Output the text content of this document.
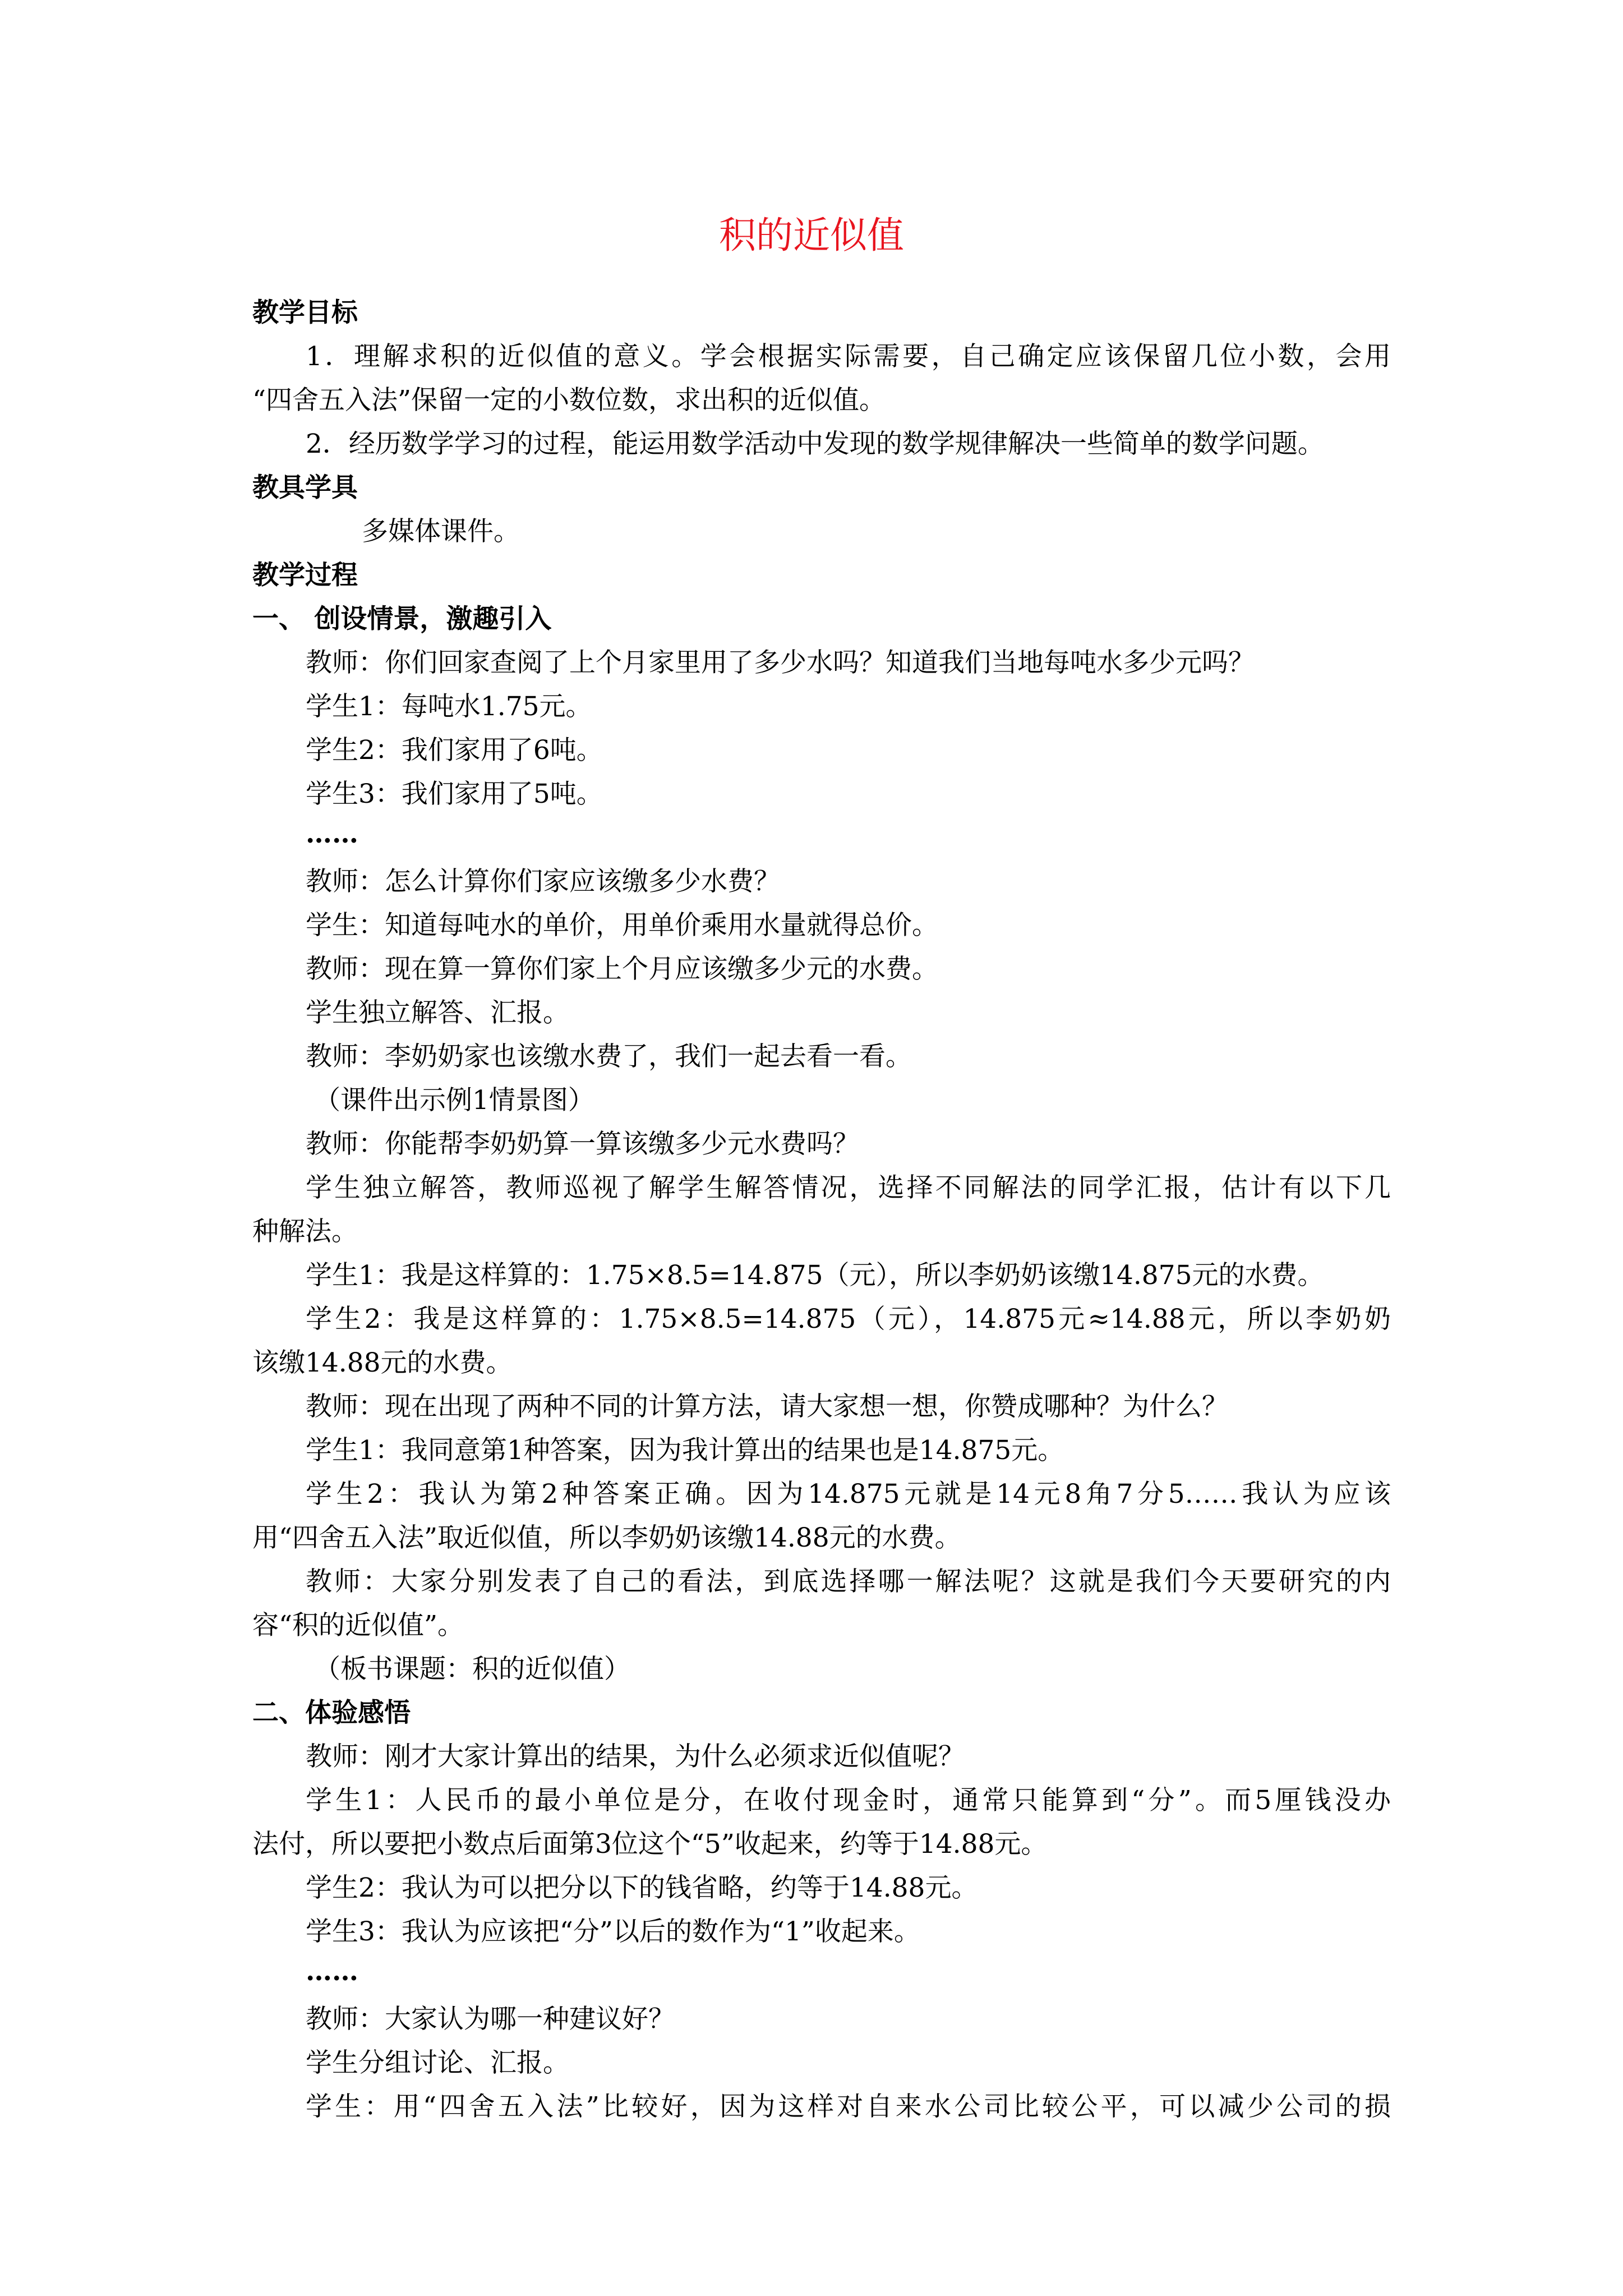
积的近似值
教学目标
1．理解求积的近似值的意义。学会根据实际需要，自己确定应该保留几位小数，会用
“四舍五入法”保留一定的小数位数，求出积的近似值。
2．经历数学学习的过程，能运用数学活动中发现的数学规律解决一些简单的数学问题。
教具学具
多媒体课件。
教学过程
一、 创设情景，激趣引入
教师：你们回家查阅了上个月家里用了多少水吗？知道我们当地每吨水多少元吗？
学生1：每吨水1.75元。
学生2：我们家用了6吨。
学生3：我们家用了5吨。
……
教师：怎么计算你们家应该缴多少水费？
学生：知道每吨水的单价，用单价乘用水量就得总价。
教师：现在算一算你们家上个月应该缴多少元的水费。
学生独立解答、汇报。
教师：李奶奶家也该缴水费了，我们一起去看一看。
（课件出示例1情景图）
教师：你能帮李奶奶算一算该缴多少元水费吗？
学生独立解答，教师巡视了解学生解答情况，选择不同解法的同学汇报，估计有以下几
种解法。
学生1：我是这样算的：1.75×8.5=14.875（元），所以李奶奶该缴14.875元的水费。
学生2：我是这样算的：1.75×8.5=14.875（元），14.875元≈14.88元，所以李奶奶
该缴14.88元的水费。
教师：现在出现了两种不同的计算方法，请大家想一想，你赞成哪种？为什么？
学生1：我同意第1种答案，因为我计算出的结果也是14.875元。
学生2：我认为第2种答案正确。因为14.875元就是14元8角7分5……我认为应该
用“四舍五入法”取近似值，所以李奶奶该缴14.88元的水费。
教师：大家分别发表了自己的看法，到底选择哪一解法呢？这就是我们今天要研究的内
容“积的近似值”。
（板书课题：积的近似值）
二、体验感悟
教师：刚才大家计算出的结果，为什么必须求近似值呢？
学生1：人民币的最小单位是分，在收付现金时，通常只能算到“分”。而5厘钱没办
法付，所以要把小数点后面第3位这个“5”收起来，约等于14.88元。
学生2：我认为可以把分以下的钱省略，约等于14.88元。
学生3：我认为应该把“分”以后的数作为“1”收起来。
……
教师：大家认为哪一种建议好？
学生分组讨论、汇报。
学生：用“四舍五入法”比较好，因为这样对自来水公司比较公平，可以减少公司的损
